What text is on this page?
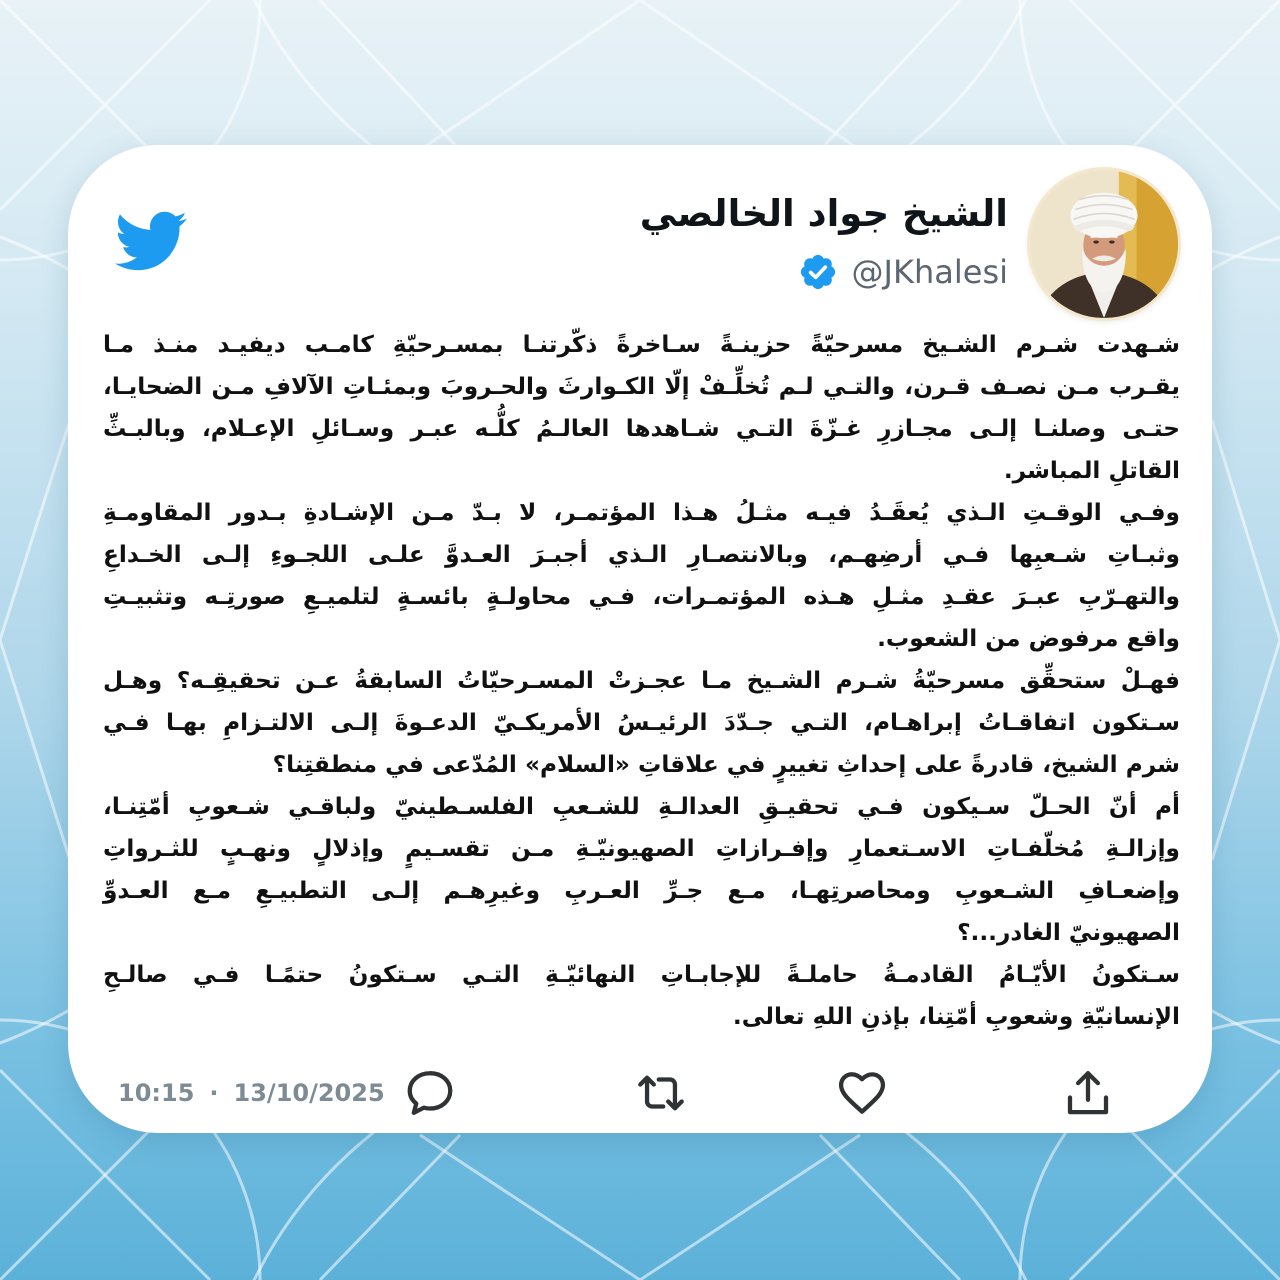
الشيخ جواد الخالصي
@JKhalesi
شـهدت شـرم الشـيخ مسرحيّةً حزينـةً سـاخرةً ذكّرتنـا بمسـرحيّةِ كامـب ديفيـد منـذ مـا
يقـرب مـن نصـف قـرن، والتـي لـم تُخلِّـفْ إلّا الكـوارثَ والحـروبَ وبمئـاتِ الآلافِ مـن الضحايـا،
حتـى وصلنـا إلـى مجـازرِ غـزّةَ التـي شـاهدها العالـمُ كلُّـه عبـر وسـائلِ الإعـلام، وبالبـثِّ
القاتلِ المباشر.
وفـي الوقـتِ الـذي يُعقَـدُ فيـه مثـلُ هـذا المؤتمـر، لا بـدّ مـن الإشـادةِ بـدور المقاومـةِ
وثبـاتِ شـعبِها فـي أرضِهـم، وبالانتصـارِ الـذي أجبـرَ العـدوَّ علـى اللجـوءِ إلـى الخـداعِ
والتهـرّبِ عبـرَ عقـدِ مثـلِ هـذه المؤتمـرات، فـي محاولـةٍ بائسـةٍ لتلميـعِ صورتِـه وتثبيـتِ
واقع مرفوض من الشعوب.
فهـلْ ستحقِّق مسرحيّةُ شـرم الشـيخ مـا عجـزتْ المسـرحيّاتُ السابقةُ عـن تحقيقِـه؟ وهـل
سـتكون اتفاقـاتُ إبراهـام، التـي جـدّدَ الرئيـسُ الأمريكـيّ الدعـوةَ إلـى الالتـزامِ بهـا فـي
شرم الشيخ، قادرةً على إحداثِ تغييرٍ في علاقاتِ «السلام» المُدّعى في منطقتِنا؟
أم أنّ الحـلّ سـيكون فـي تحقيـقِ العدالـةِ للشـعبِ الفلسـطينيّ ولباقـي شـعوبِ أمّتِنـا،
وإزالـةِ مُخلّفـاتِ الاسـتعمارِ وإفـرازاتِ الصهيونيّـةِ مـن تقسـيمٍ وإذلالٍ ونهـبٍ للثـرواتِ
وإضعـافِ الشـعوبِ ومحاصرتِهـا، مـع جـرِّ العـربِ وغيرِهـم إلـى التطبيـعِ مـع العـدوِّ
الصهيونيّ الغادر...؟
سـتكونُ الأيّـامُ القادمـةُ حاملـةً للإجابـاتِ النهائيّـةِ التـي سـتكونُ حتمًـا فـي صالـحِ
الإنسانيّةِ وشعوبِ أمّتِنا، بإذنِ اللهِ تعالى.
10:15 · 13/10/2025
